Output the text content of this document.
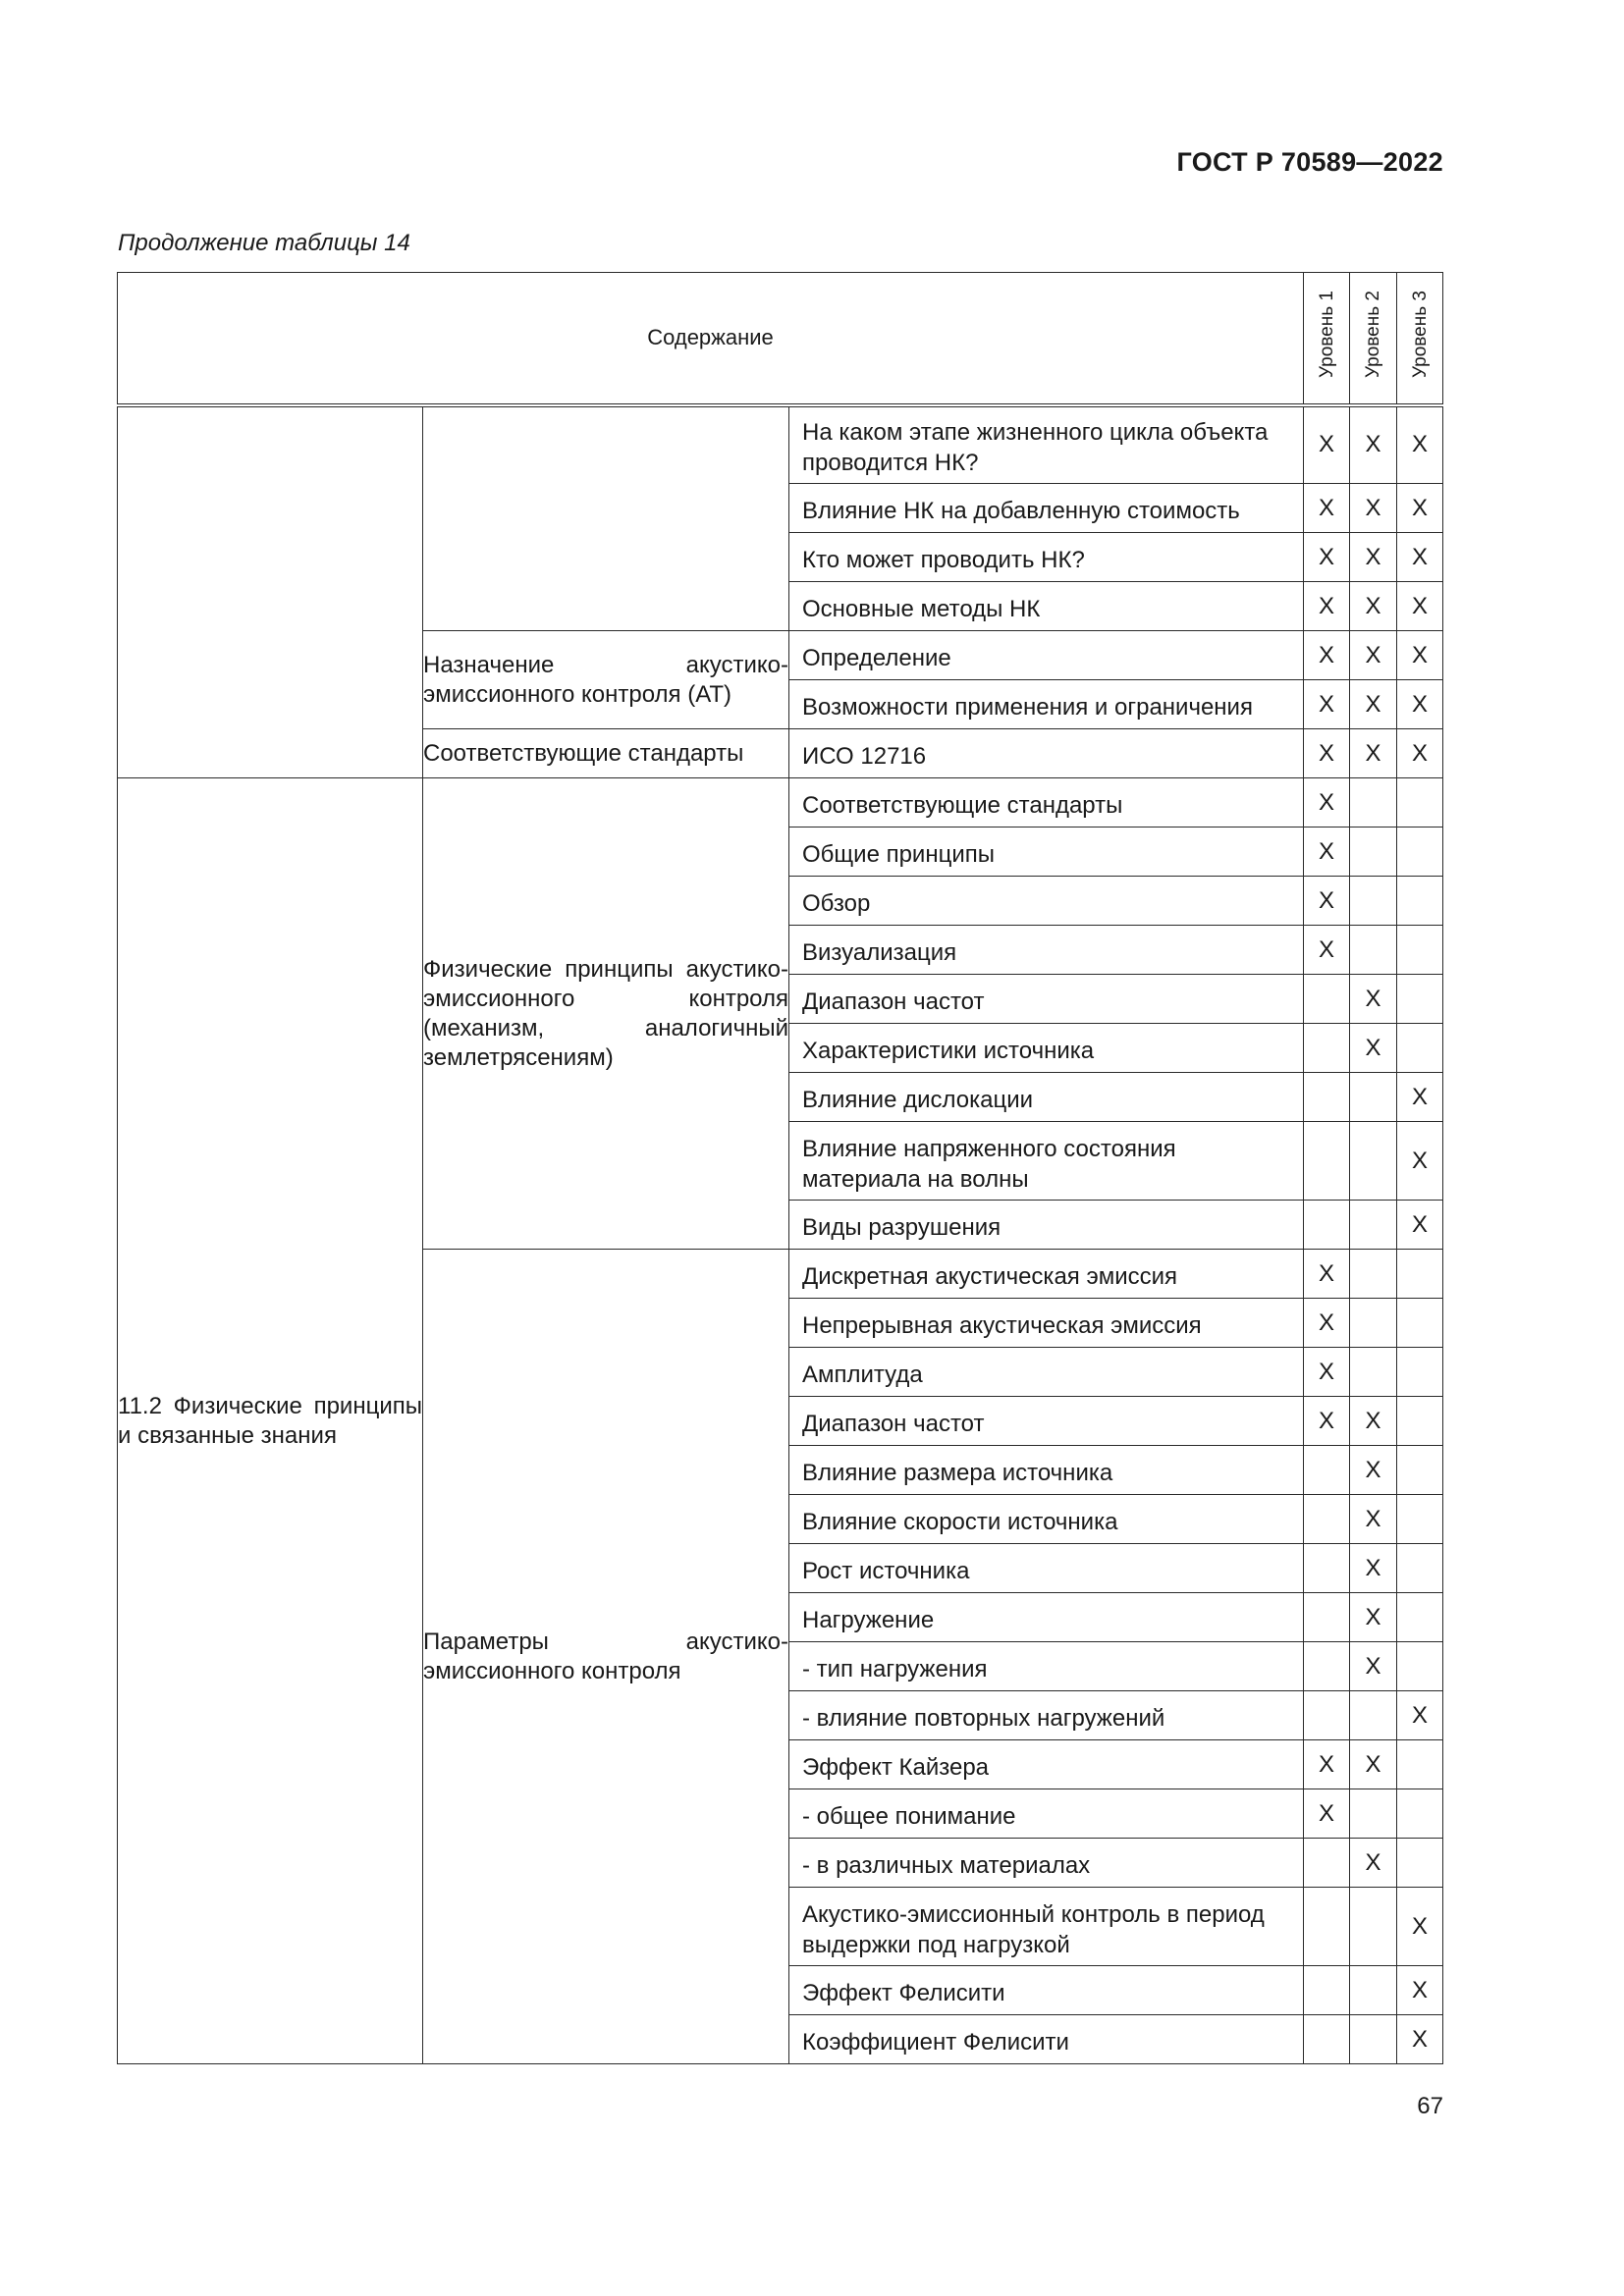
ГОСТ Р 70589—2022
Продолжение таблицы 14
Содержание			Уровень 1	Уровень 2	Уровень 3
		На каком этапе жизненного цикла объекта проводится НК?	X	X	X
		Влияние НК на добавленную стоимость	X	X	X
		Кто может проводить НК?	X	X	X
		Основные методы НК	X	X	X
	Назначение акустико-эмиссионного контроля (АТ)	Определение	X	X	X
		Возможности применения и ограничения	X	X	X
	Соответствующие стандарты	ИСО 12716	X	X	X
11.2 Физические принципы и связанные знания	Физические принципы акустико-эмиссионного контроля (механизм, аналогичный землетрясениям)	Соответствующие стандарты	X		
		Общие принципы	X		
		Обзор	X		
		Визуализация	X		
		Диапазон частот		X	
		Характеристики источника		X	
		Влияние дислокации			X
		Влияние напряженного состояния материала на волны			X
		Виды разрушения			X
	Параметры акустико-эмиссионного контроля	Дискретная акустическая эмиссия	X		
		Непрерывная акустическая эмиссия	X		
		Амплитуда	X		
		Диапазон частот	X	X	
		Влияние размера источника		X	
		Влияние скорости источника		X	
		Рост источника		X	
		Нагружение		X	
		- тип нагружения		X	
		- влияние повторных нагружений			X
		Эффект Кайзера	X	X	
		- общее понимание	X		
		- в различных материалах		X	
		Акустико-эмиссионный контроль в период выдержки под нагрузкой			X
		Эффект Фелисити			X
		Коэффициент Фелисити			X
67
